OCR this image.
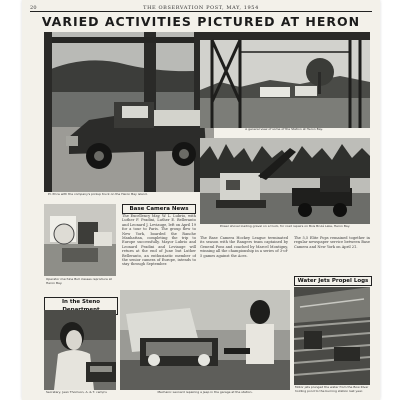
20	THE OBSERVATION POST, MAY, 1954
VARIED ACTIVITIES PICTURED AT HERON
Pl. Price with the company's pickup truck on the Heron Bay island.
A general view of some of the Station at Heron Bay.
Power shovel loading gravel on a truck, for road repairs on Bois Brulé Lake, Heron Bay.
Operator machine Bull classes reproduce at Heron Bay.
In the Steno
Secretary, Jean Thomson, A. & T. cemp's
Base Camera News

The Excellency May, W. L. Lubrio, with Luther F. Pradini, Luther E. Belleranto and Leonard J. Leviauge, left on April 19 for a tour to Paris. The group flew to New York, boarded the Ranche Manhattan, completing the trip to Europe successfully. Mayor Lubrio and Leonard Pradini and Leviauge will return at the end of June but Luther Belleranto, an enthusiastic member of the senior camera of Europe, intends to stay through September.

The Base Camera Hockey League terminated its season with the Rangers team captained by General Pons and coached by Marcel Montigny, winning all the championship in a series of 3-of-5 games against the Aces.

The 5,5 Elite Pops remained together in regular newspaper service between Base Camera and New York on April 21.

Water Jets Propel Logs
Mechanic Leonard repairing a Jeep in the garage at the station.
Motor jets plunged the water from the Bow River holding pond to the burning station last year.
